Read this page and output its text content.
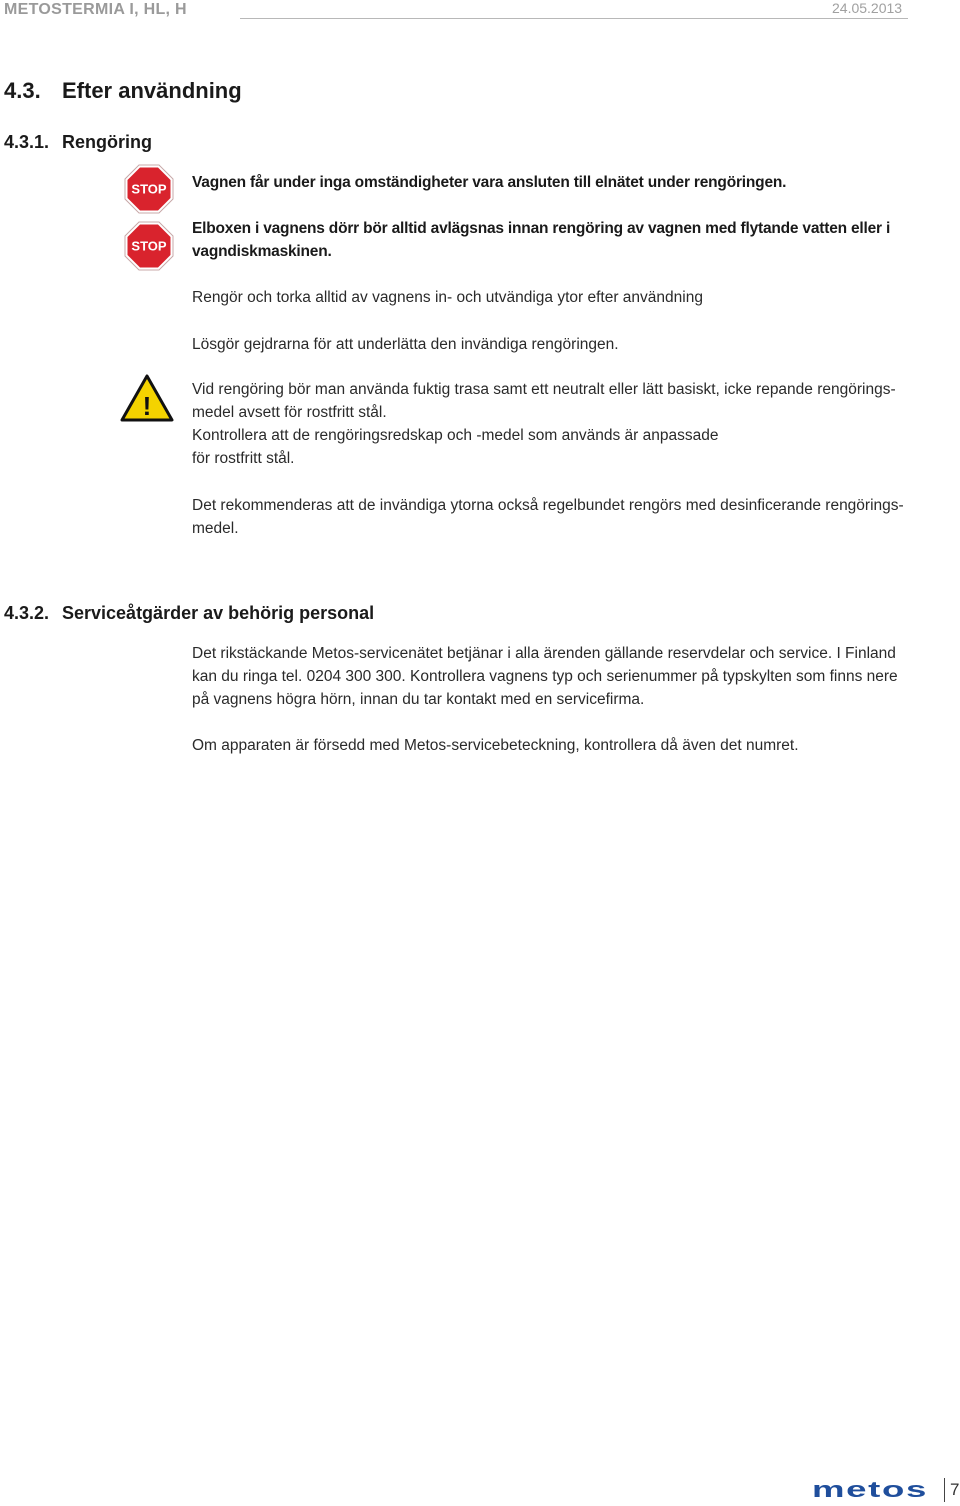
METOSTERMIA I, HL, H	24.05.2013
4.3. Efter användning
4.3.1. Rengöring
STOP Vagnen får under inga omständigheter vara ansluten till elnätet under rengöringen.
STOP
Elboxen i vagnens dörr bör alltid avlägsnas innan rengöring av vagnen med flytande vatten eller i vagndiskmaskinen.
Rengör och torka alltid av vagnens in- och utvändiga ytor efter användning
Lösgör gejdrarna för att underlätta den invändiga rengöringen.
!
Vid rengöring bör man använda fuktig trasa samt ett neutralt eller lätt basiskt, icke repande rengörings-medel avsett för rostfritt stål.
Kontrollera att de rengöringsredskap och -medel som används är anpassade för rostfritt stål.
Det rekommenderas att de invändiga ytorna också regelbundet rengörs med desinficerande rengörings-medel.
4.3.2. Serviceåtgärder av behörig personal
Det rikstäckande Metos-servicenätet betjänar i alla ärenden gällande reservdelar och service. I Finland kan du ringa tel. 0204 300 300. Kontrollera vagnens typ och serienummer på typskylten som finns nere på vagnens högra hörn, innan du tar kontakt med en servicefirma.
Om apparaten är försedd med Metos-servicebeteckning, kontrollera då även det numret.
metos 7
